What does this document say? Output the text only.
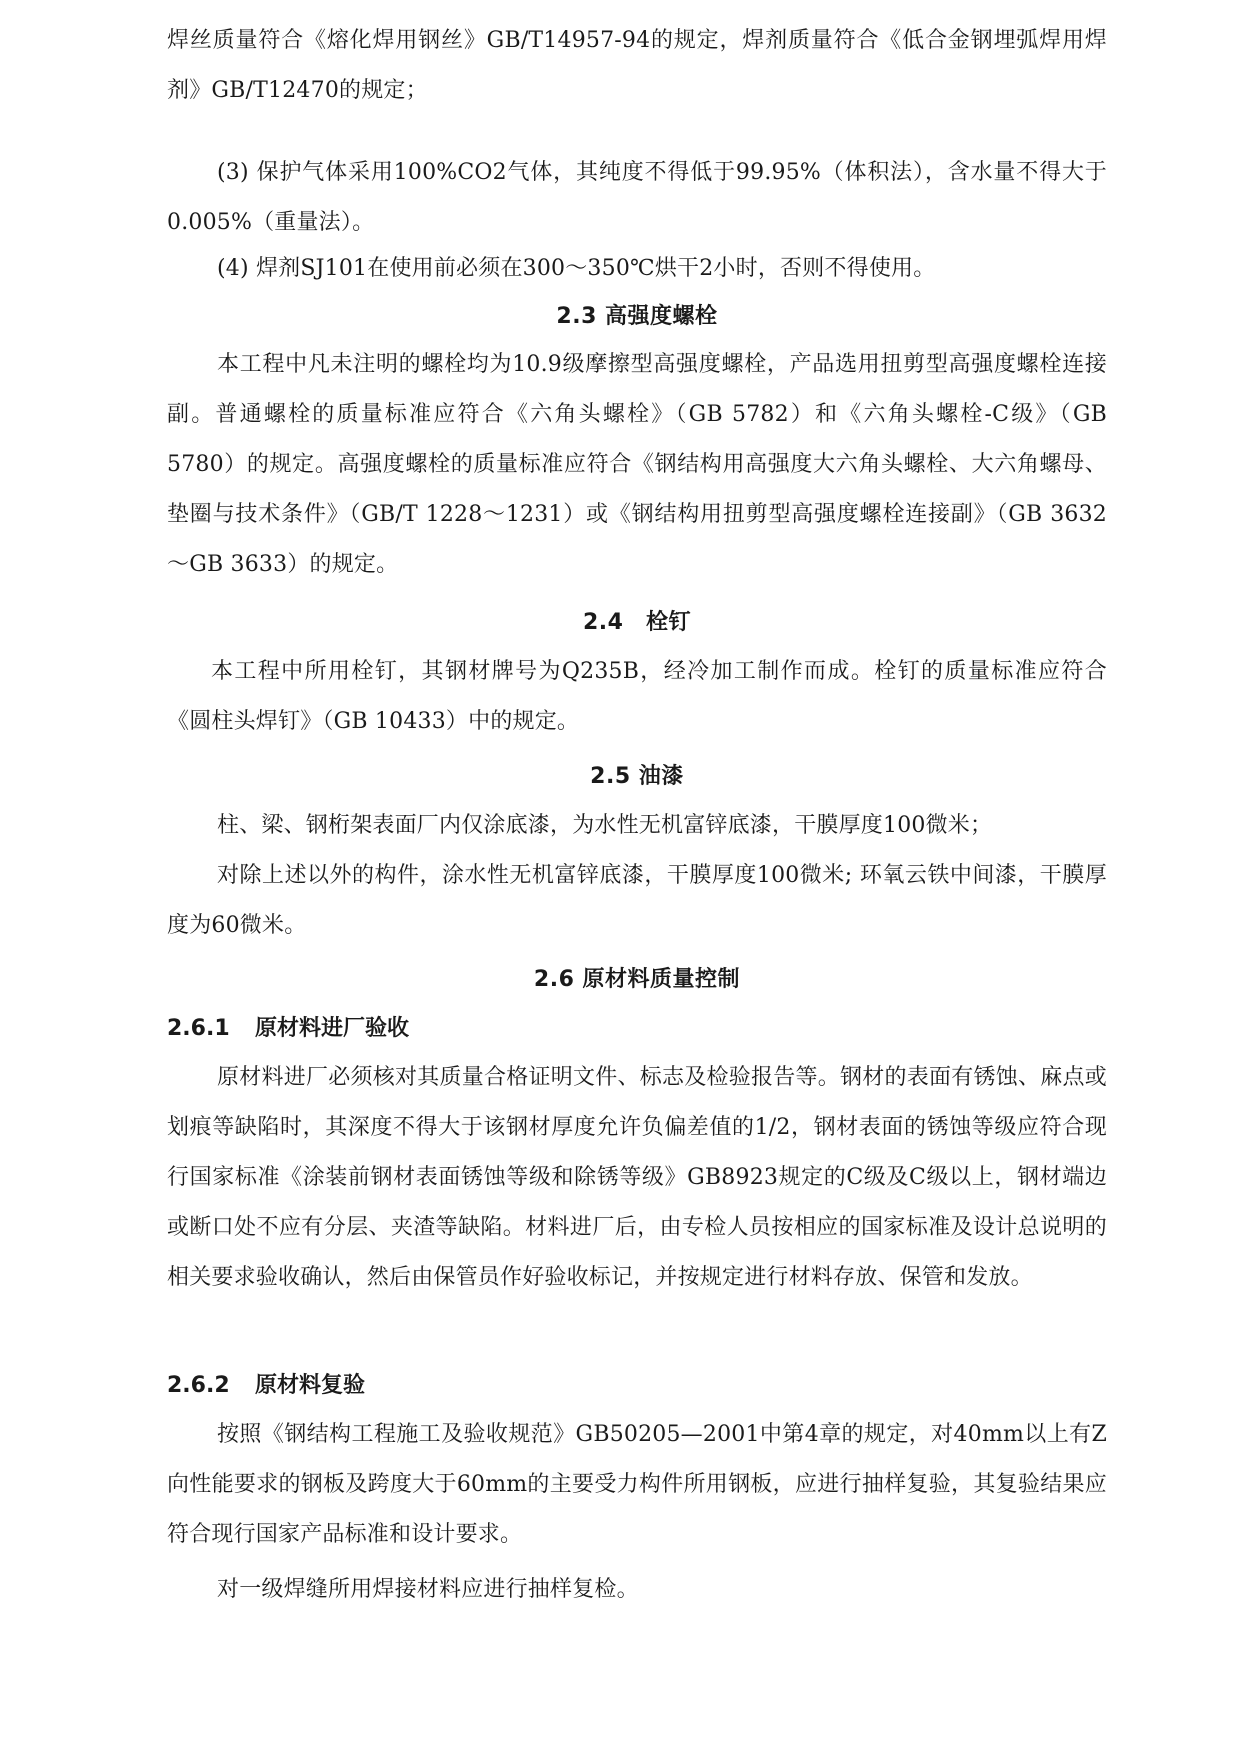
焊丝质量符合《熔化焊用钢丝》GB/T14957-94的规定，焊剂质量符合《低合金钢埋弧焊用焊剂》GB/T12470的规定；

(3) 保护气体采用100%CO2气体，其纯度不得低于99.95%（体积法），含水量不得大于0.005%（重量法）。

(4) 焊剂SJ101在使用前必须在300～350℃烘干2小时，否则不得使用。

2.3 高强度螺栓

本工程中凡未注明的螺栓均为10.9级摩擦型高强度螺栓，产品选用扭剪型高强度螺栓连接副。普通螺栓的质量标准应符合《六角头螺栓》（GB 5782）和《六角头螺栓-C级》（GB 5780）的规定。高强度螺栓的质量标准应符合《钢结构用高强度大六角头螺栓、大六角螺母、垫圈与技术条件》（GB/T 1228～1231）或《钢结构用扭剪型高强度螺栓连接副》（GB 3632～GB 3633）的规定。

2.4　栓钉

本工程中所用栓钉，其钢材牌号为Q235B，经冷加工制作而成。栓钉的质量标准应符合《圆柱头焊钉》（GB 10433）中的规定。

2.5 油漆

柱、梁、钢桁架表面厂内仅涂底漆，为水性无机富锌底漆，干膜厚度100微米；

对除上述以外的构件，涂水性无机富锌底漆，干膜厚度100微米; 环氧云铁中间漆，干膜厚度为60微米。

2.6 原材料质量控制
2.6.1 原材料进厂验收

原材料进厂必须核对其质量合格证明文件、标志及检验报告等。钢材的表面有锈蚀、麻点或划痕等缺陷时，其深度不得大于该钢材厚度允许负偏差值的1/2，钢材表面的锈蚀等级应符合现行国家标准《涂装前钢材表面锈蚀等级和除锈等级》GB8923规定的C级及C级以上，钢材端边或断口处不应有分层、夹渣等缺陷。材料进厂后，由专检人员按相应的国家标准及设计总说明的相关要求验收确认，然后由保管员作好验收标记，并按规定进行材料存放、保管和发放。

2.6.2 原材料复验

按照《钢结构工程施工及验收规范》GB50205—2001中第4章的规定，对40mm以上有Z向性能要求的钢板及跨度大于60mm的主要受力构件所用钢板，应进行抽样复验，其复验结果应符合现行国家产品标准和设计要求。

对一级焊缝所用焊接材料应进行抽样复检。
